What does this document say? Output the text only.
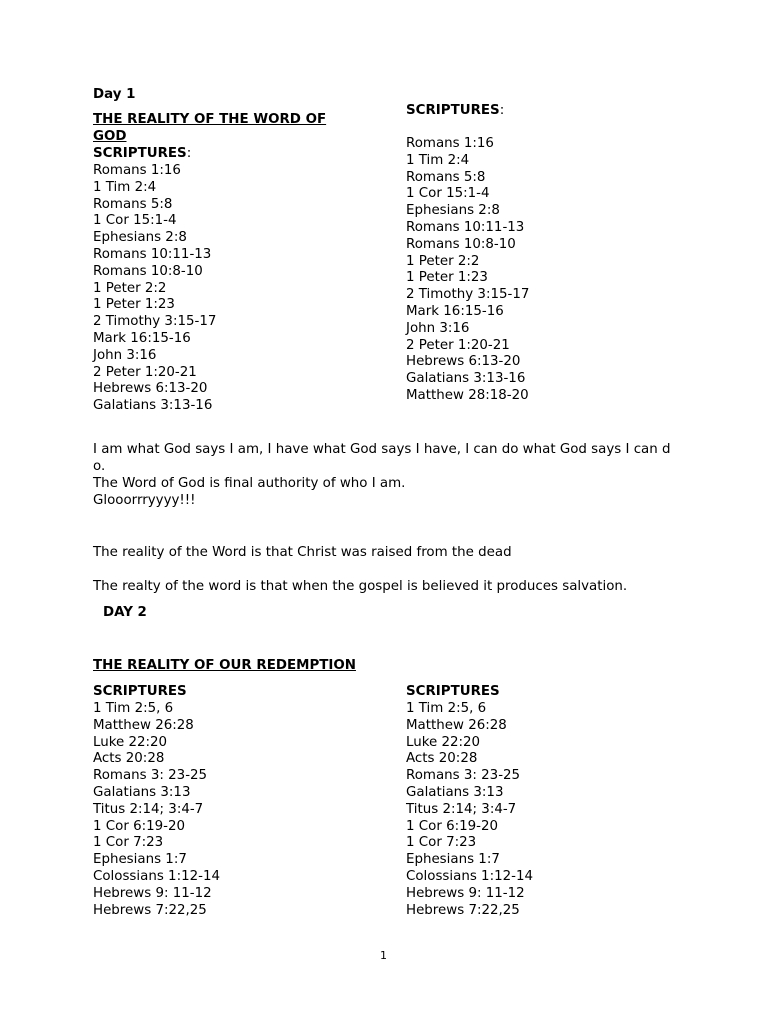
Day 1
THE REALITY OF THE WORD OF
GOD
SCRIPTURES:
Romans 1:16
1 Tim 2:4
Romans 5:8
1 Cor 15:1-4
Ephesians 2:8
Romans 10:11-13
Romans 10:8-10
1 Peter 2:2
1 Peter 1:23
2 Timothy 3:15-17
Mark 16:15-16
John 3:16
2 Peter 1:20-21
Hebrews 6:13-20
Galatians 3:13-16
SCRIPTURES:
Romans 1:16
1 Tim 2:4
Romans 5:8
1 Cor 15:1-4
Ephesians 2:8
Romans 10:11-13
Romans 10:8-10
1 Peter 2:2
1 Peter 1:23
2 Timothy 3:15-17
Mark 16:15-16
John 3:16
2 Peter 1:20-21
Hebrews 6:13-20
Galatians 3:13-16
Matthew 28:18-20
I am what God says I am, I have what God says I have, I can do what God says I can do.
The Word of God is final authority of who I am.
Glooorrryyyy!!!
The reality of the Word is that Christ was raised from the dead
The realty of the word is that when the gospel is believed it produces salvation.
DAY 2
THE REALITY OF OUR REDEMPTION
SCRIPTURES
1 Tim 2:5, 6
Matthew 26:28
Luke 22:20
Acts 20:28
Romans 3: 23-25
Galatians 3:13
Titus 2:14; 3:4-7
1 Cor 6:19-20
1 Cor 7:23
Ephesians 1:7
Colossians 1:12-14
Hebrews 9: 11-12
Hebrews 7:22,25
SCRIPTURES
1 Tim 2:5, 6
Matthew 26:28
Luke 22:20
Acts 20:28
Romans 3: 23-25
Galatians 3:13
Titus 2:14; 3:4-7
1 Cor 6:19-20
1 Cor 7:23
Ephesians 1:7
Colossians 1:12-14
Hebrews 9: 11-12
Hebrews 7:22,25
1
